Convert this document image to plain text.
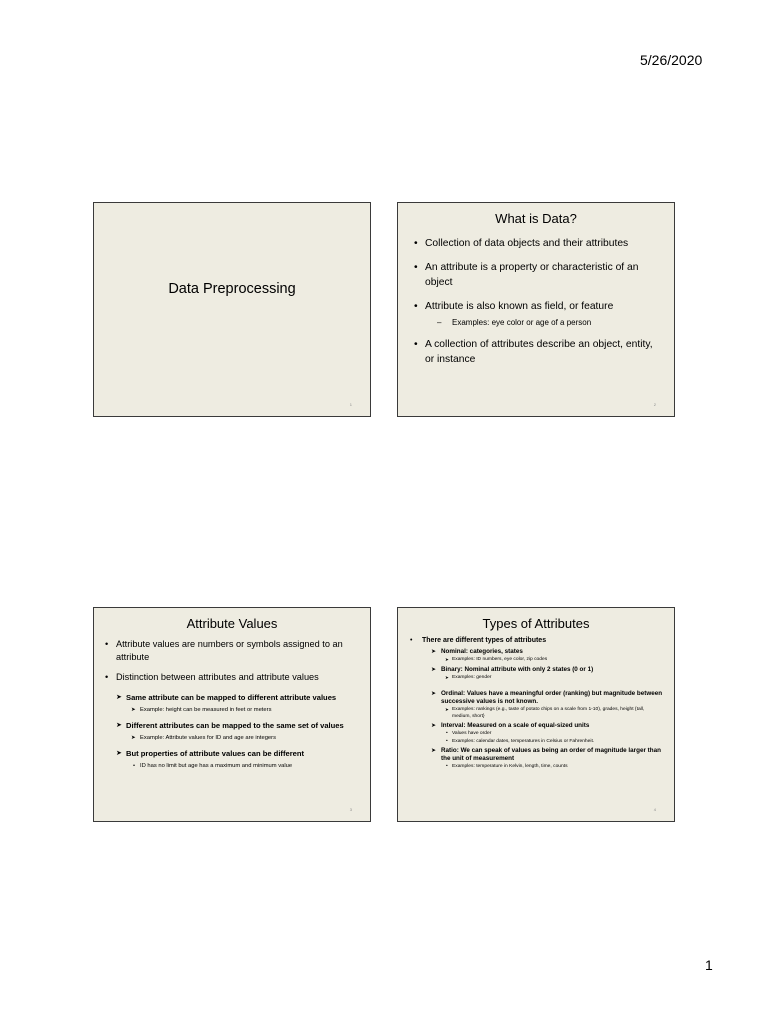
5/26/2020
Data Preprocessing
1
What is Data?
• Collection of data objects and their attributes
• An attribute is a property or characteristic of an object
• Attribute is also known as field, or feature
– Examples: eye color or age of a person
• A collection of attributes describe an object, entity, or instance
2
Attribute Values
• Attribute values are numbers or symbols assigned to an attribute
• Distinction between attributes and attribute values
➤ Same attribute can be mapped to different attribute values
➤ Example: height can be measured in feet or meters
➤ Different attributes can be mapped to the same set of values
➤ Example: Attribute values for ID and age are integers
➤ But properties of attribute values can be different
• ID has no limit but age has a maximum and minimum value
3
Types of Attributes
• There are different types of attributes
➤ Nominal: categories, states
➤ Examples: ID numbers, eye color, zip codes
➤ Binary: Nominal attribute with only 2 states (0 or 1)
➤ Examples: gender
➤ Ordinal: Values have a meaningful order (ranking) but magnitude between successive values is not known.
➤ Examples: rankings (e.g., taste of potato chips on a scale from 1-10), grades, height {tall, medium, short}
➤ Interval: Measured on a scale of equal-sized units
• Values have order
• Examples: calendar dates, temperatures in Celsius or Fahrenheit.
➤ Ratio: We can speak of values as being an order of magnitude larger than the unit of measurement
• Examples: temperature in Kelvin, length, time, counts
4
1
